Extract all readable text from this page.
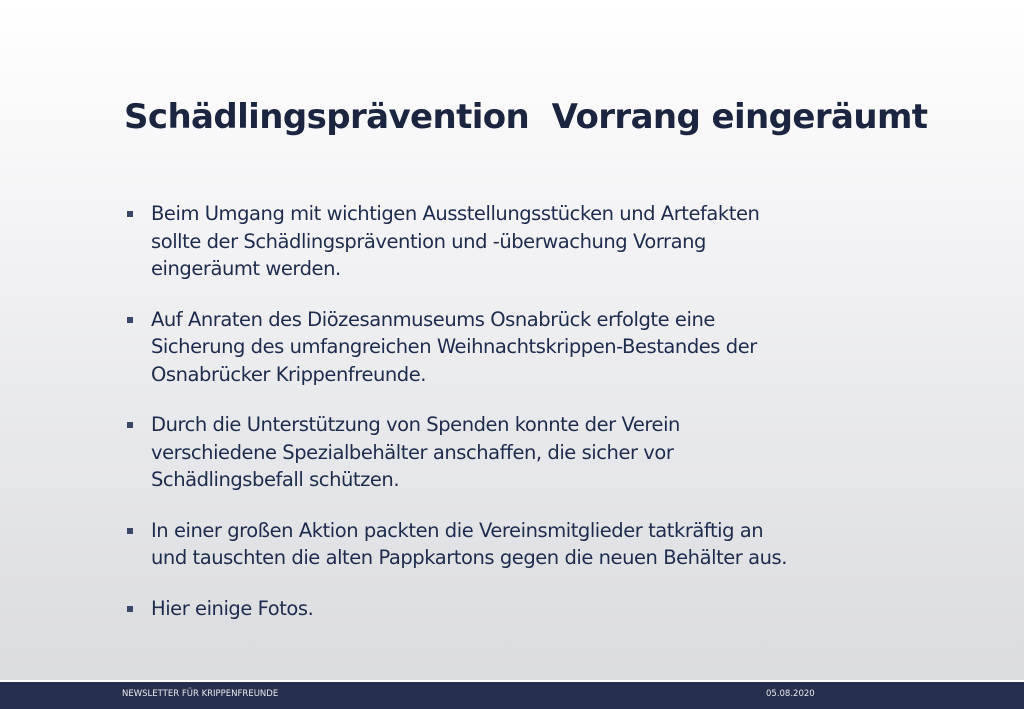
Schädlingsprävention  Vorrang eingeräumt
Beim Umgang mit wichtigen Ausstellungsstücken und Artefakten
sollte der Schädlingsprävention und -überwachung Vorrang
eingeräumt werden.
Auf Anraten des Diözesanmuseums Osnabrück erfolgte eine
Sicherung des umfangreichen Weihnachtskrippen-Bestandes der
Osnabrücker Krippenfreunde.
Durch die Unterstützung von Spenden konnte der Verein
verschiedene Spezialbehälter anschaffen, die sicher vor
Schädlingsbefall schützen.
In einer großen Aktion packten die Vereinsmitglieder tatkräftig an
und tauschten die alten Pappkartons gegen die neuen Behälter aus.
Hier einige Fotos.
NEWSLETTER FÜR KRIPPENFREUNDE	05.08.2020
